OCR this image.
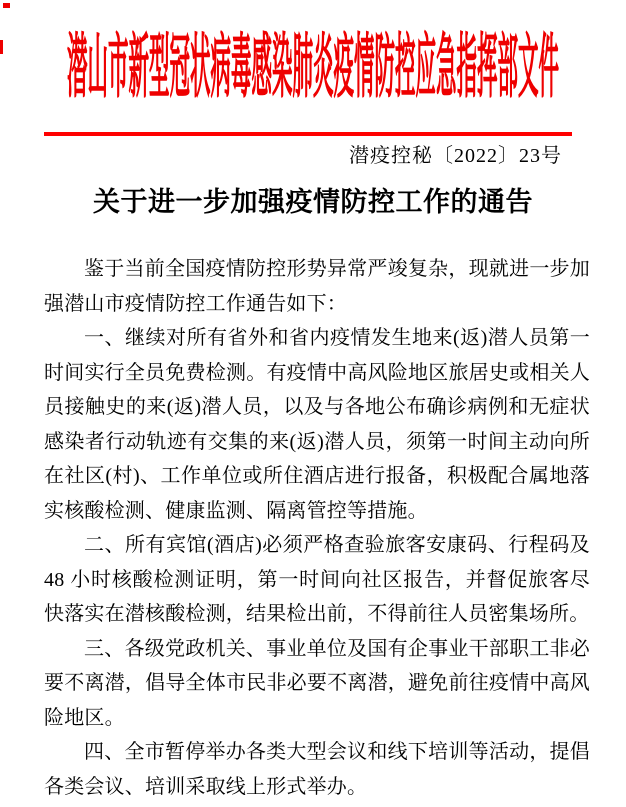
潜山市新型冠状病毒感染肺炎疫情防控应急指挥部文件
潜疫控秘〔2022〕23号
关于进一步加强疫情防控工作的通告

鉴于当前全国疫情防控形势异常严竣复杂，现就进一步加强潜山市疫情防控工作通告如下：

一、继续对所有省外和省内疫情发生地来(返)潜人员第一时间实行全员免费检测。有疫情中高风险地区旅居史或相关人员接触史的来(返)潜人员，以及与各地公布确诊病例和无症状感染者行动轨迹有交集的来(返)潜人员，须第一时间主动向所在社区(村)、工作单位或所住酒店进行报备，积极配合属地落实核酸检测、健康监测、隔离管控等措施。

二、所有宾馆(酒店)必须严格查验旅客安康码、行程码及48 小时核酸检测证明，第一时间向社区报告，并督促旅客尽快落实在潜核酸检测，结果检出前，不得前往人员密集场所。

三、各级党政机关、事业单位及国有企事业干部职工非必要不离潜，倡导全体市民非必要不离潜，避免前往疫情中高风险地区。

四、全市暂停举办各类大型会议和线下培训等活动，提倡各类会议、培训采取线上形式举办。
